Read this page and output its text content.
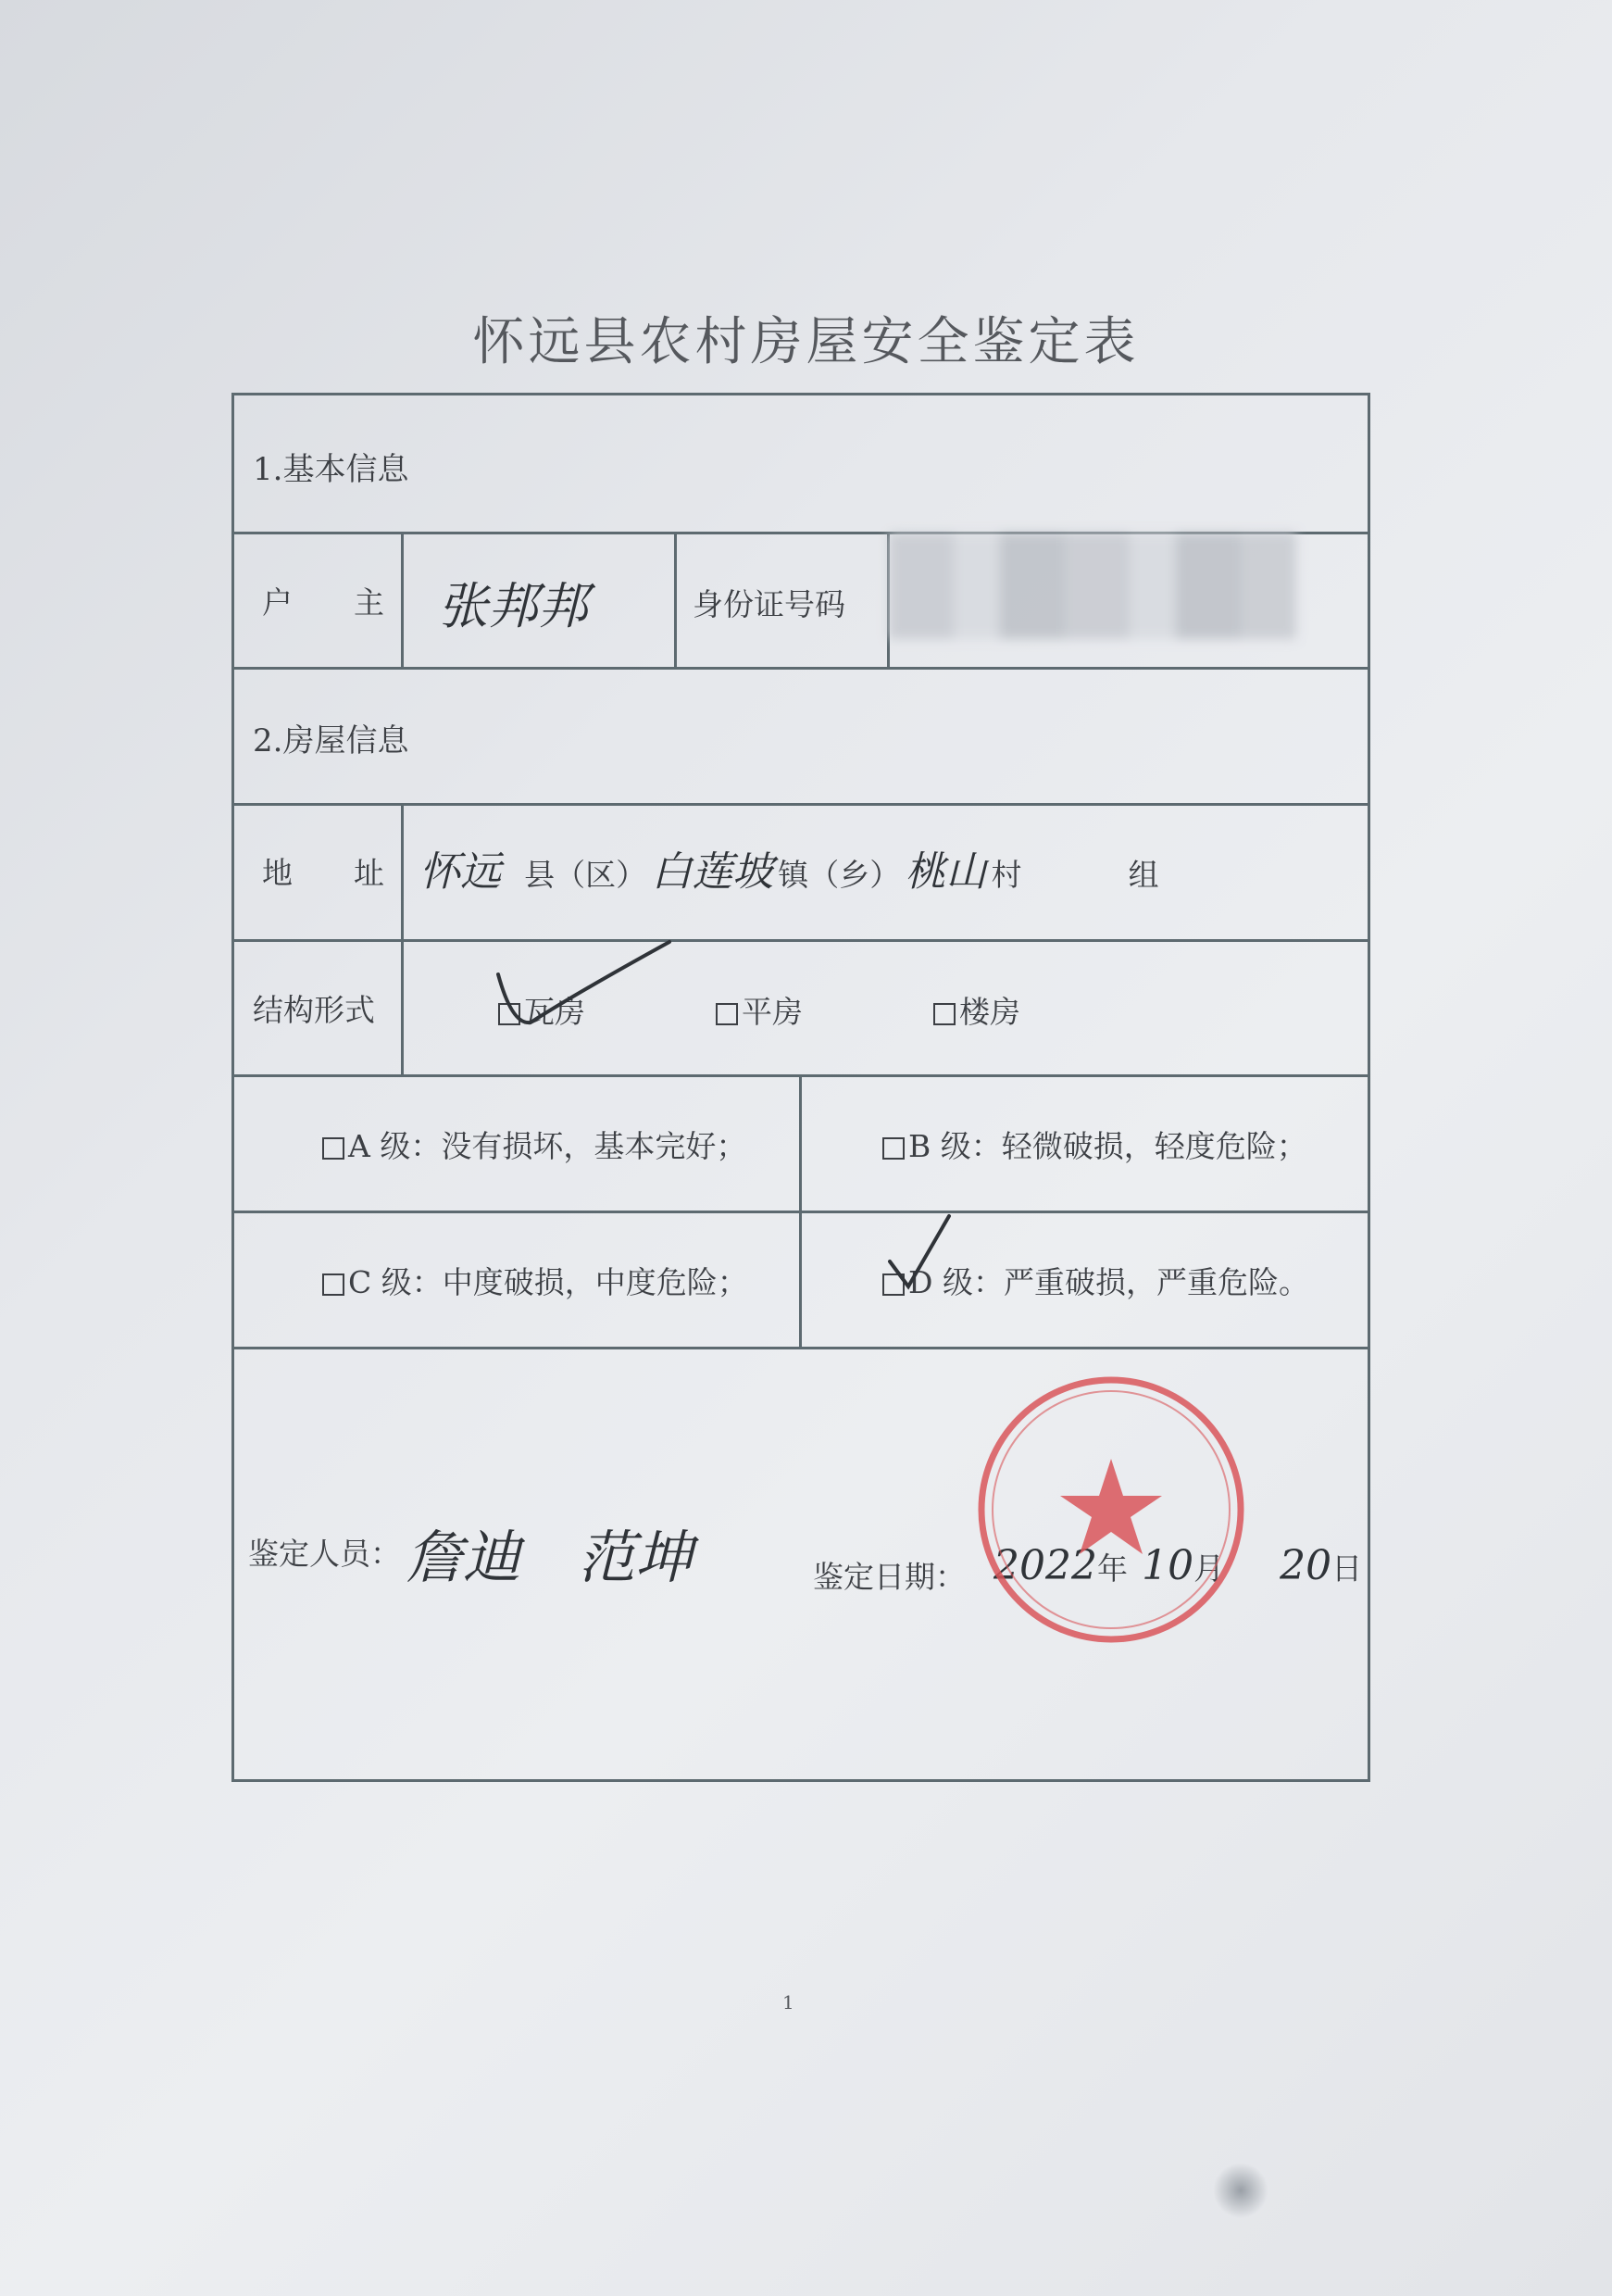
怀远县农村房屋安全鉴定表
1.基本信息
户　　主 张邦邦	身份证号码
2.房屋信息
地　　址 怀远 县（区） 白莲坡 镇（乡） 桃山 村	组
结构形式	瓦房	平房	楼房
A 级：没有损坏，基本完好；	B 级：轻微破损，轻度危险；
C 级：中度破损，中度危险；	D 级：严重破损，严重危险。
鉴定人员： 詹迪　范坤	鉴定日期： 2022年 10月 20日
1
